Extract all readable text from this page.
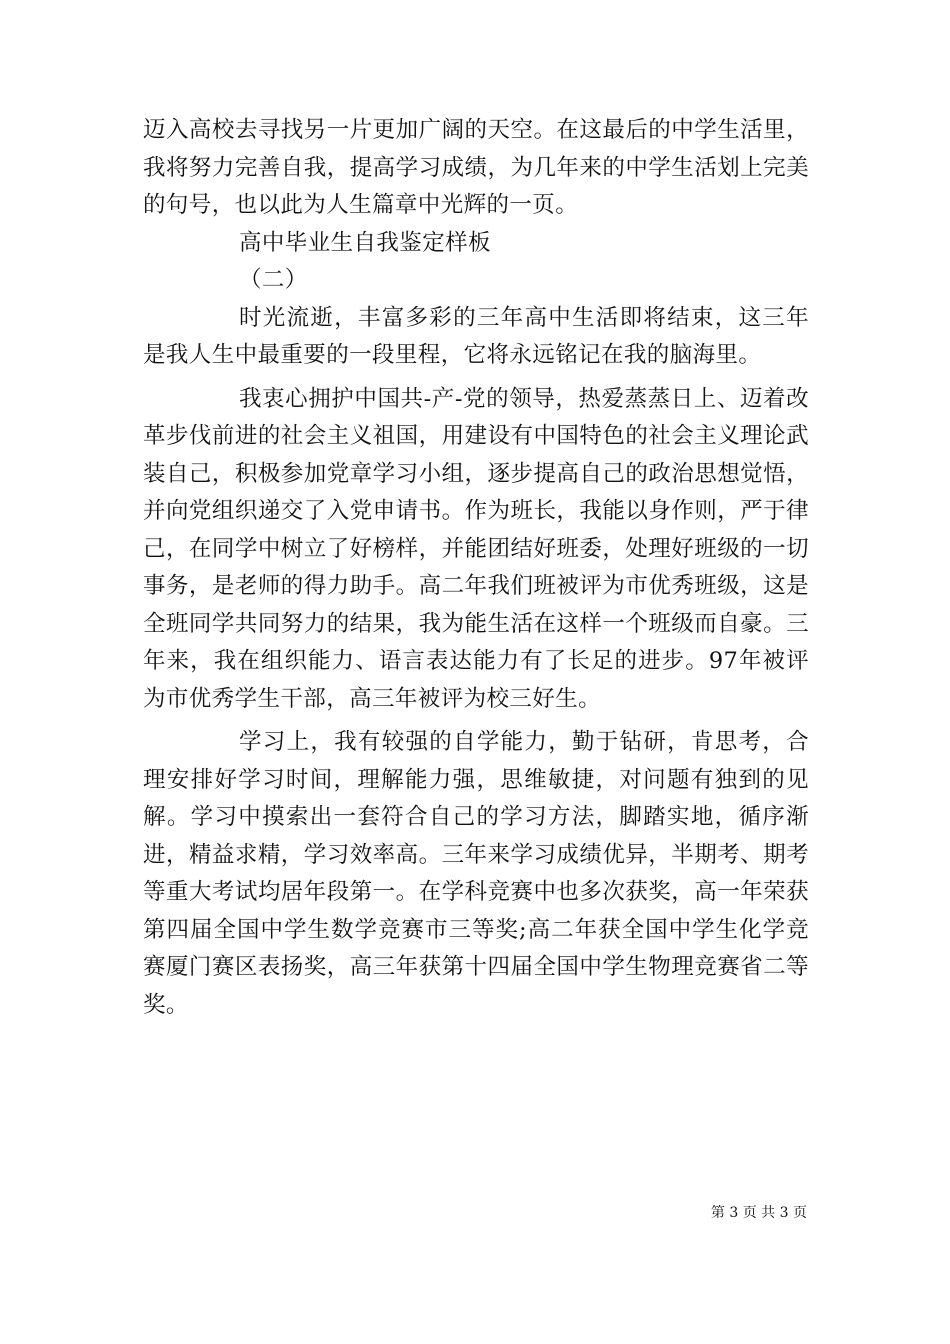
迈入高校去寻找另一片更加广阔的天空。在这最后的中学生活里，我将努力完善自我，提高学习成绩，为几年来的中学生活划上完美的句号，也以此为人生篇章中光辉的一页。

高中毕业生自我鉴定样板

（二）

时光流逝，丰富多彩的三年高中生活即将结束，这三年是我人生中最重要的一段里程，它将永远铭记在我的脑海里。

我衷心拥护中国共-产-党的领导，热爱蒸蒸日上、迈着改革步伐前进的社会主义祖国，用建设有中国特色的社会主义理论武装自己，积极参加党章学习小组，逐步提高自己的政治思想觉悟，并向党组织递交了入党申请书。作为班长，我能以身作则，严于律己，在同学中树立了好榜样，并能团结好班委，处理好班级的一切事务，是老师的得力助手。高二年我们班被评为市优秀班级，这是全班同学共同努力的结果，我为能生活在这样一个班级而自豪。三年来，我在组织能力、语言表达能力有了长足的进步。97年被评为市优秀学生干部，高三年被评为校三好生。

学习上，我有较强的自学能力，勤于钻研，肯思考，合理安排好学习时间，理解能力强，思维敏捷，对问题有独到的见解。学习中摸索出一套符合自己的学习方法，脚踏实地，循序渐进，精益求精，学习效率高。三年来学习成绩优异，半期考、期考等重大考试均居年段第一。在学科竞赛中也多次获奖，高一年荣获第四届全国中学生数学竞赛市三等奖;高二年获全国中学生化学竞赛厦门赛区表扬奖，高三年获第十四届全国中学生物理竞赛省二等奖。

第 3 页 共 3 页
